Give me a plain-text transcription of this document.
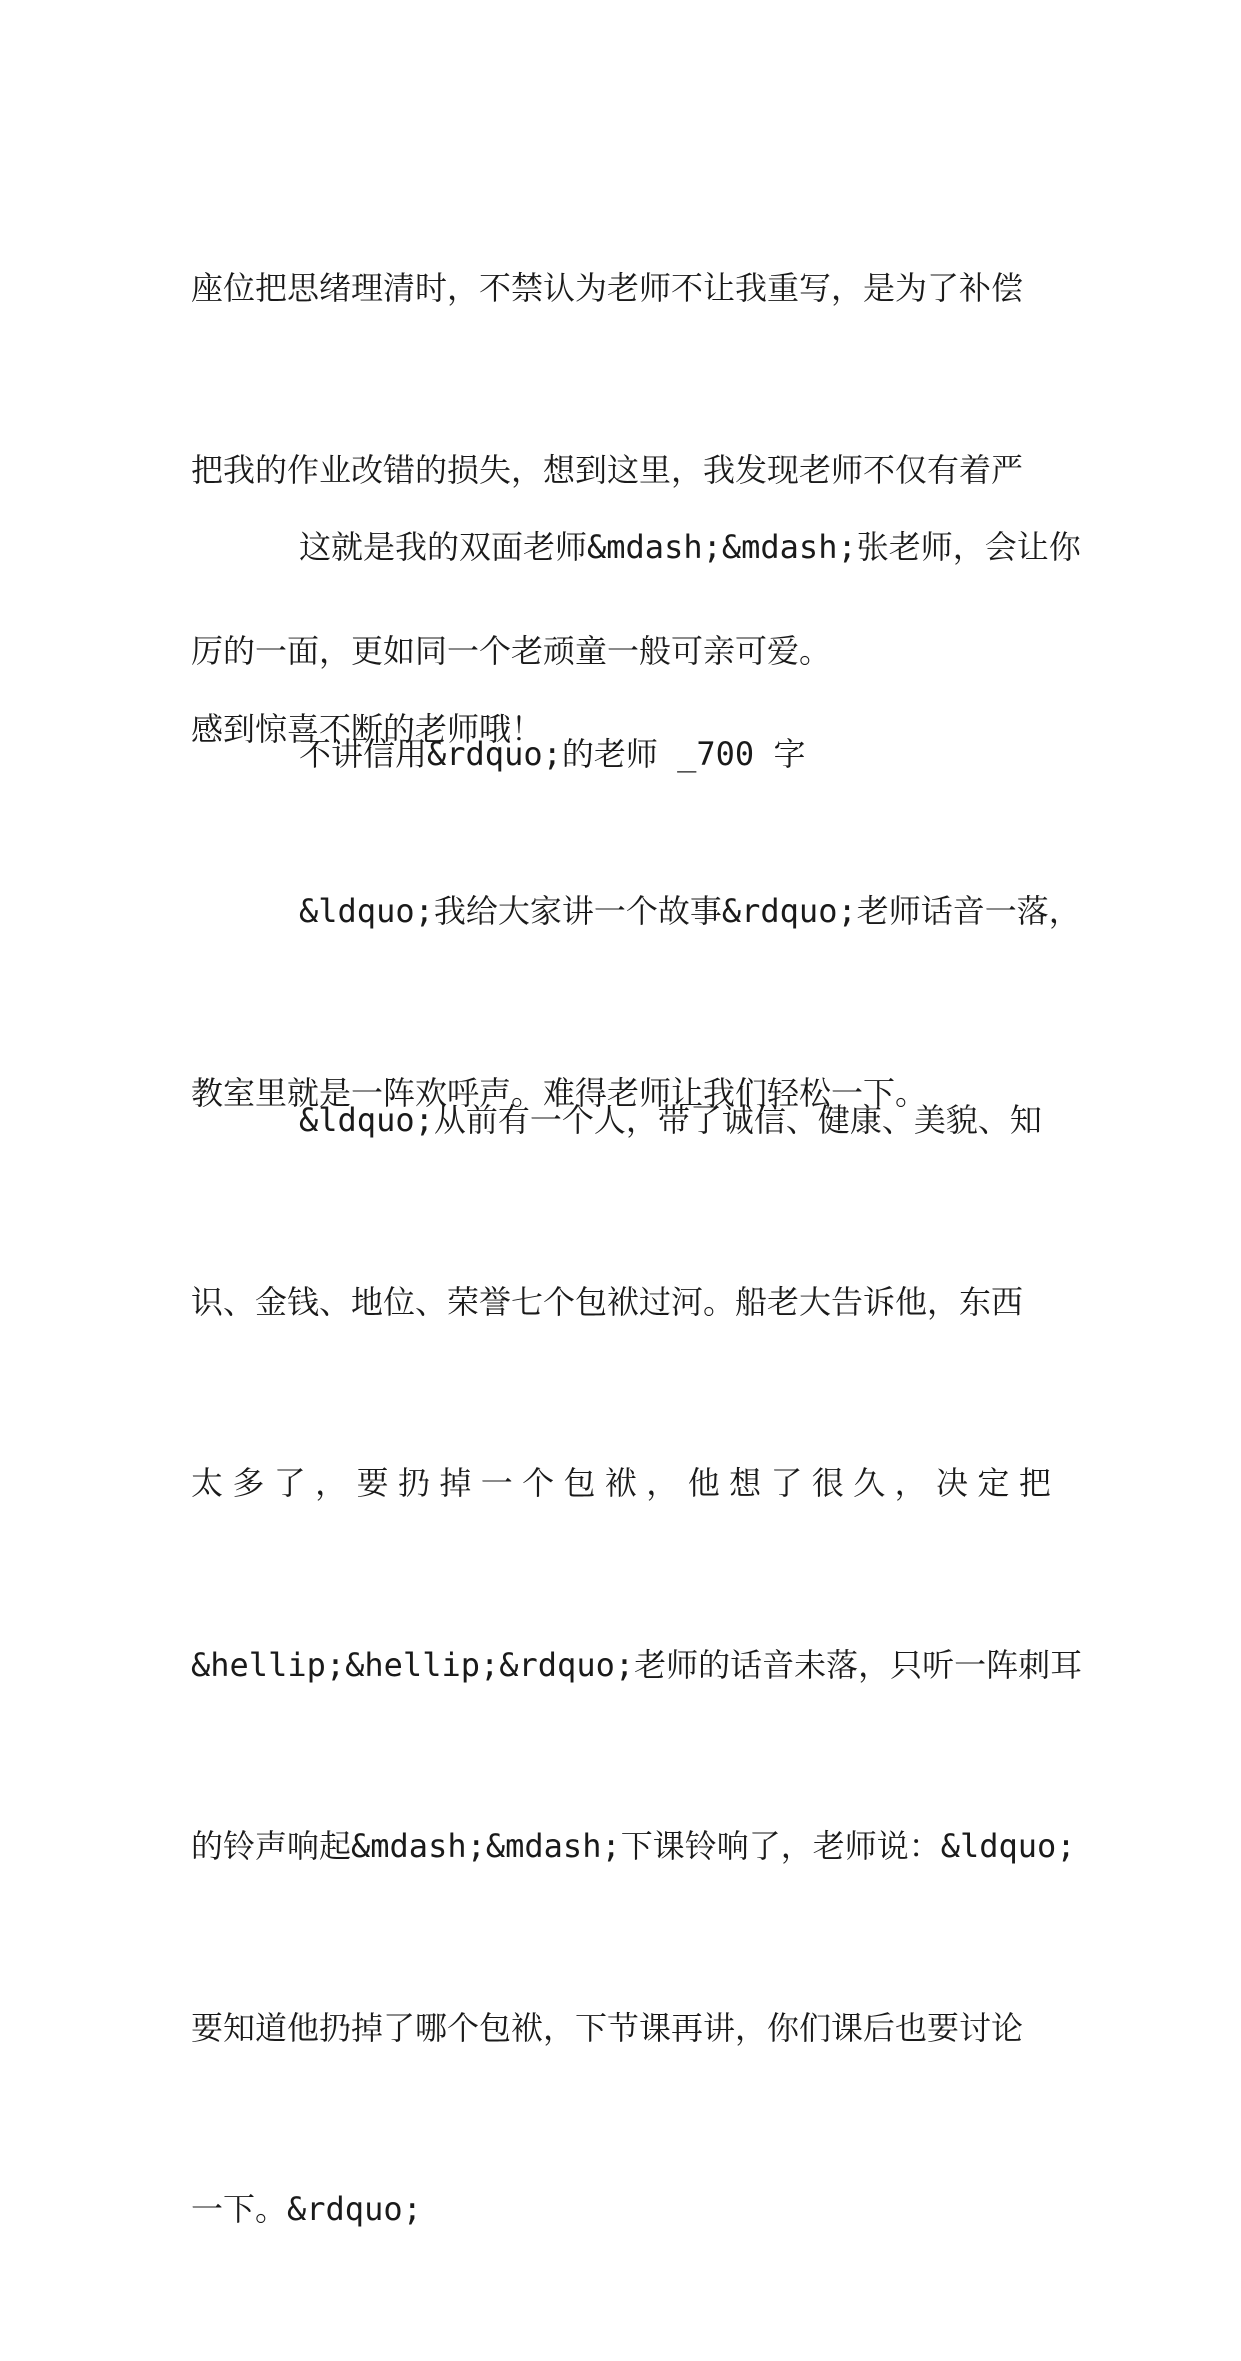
座位把思绪理清时，不禁认为老师不让我重写，是为了补偿

把我的作业改错的损失，想到这里，我发现老师不仅有着严

厉的一面，更如同一个老顽童一般可亲可爱。

这就是我的双面老师&mdash;&mdash;张老师，会让你

感到惊喜不断的老师哦！

不讲信用&rdquo;的老师 _700 字

&ldquo;我给大家讲一个故事&rdquo;老师话音一落，

教室里就是一阵欢呼声。难得老师让我们轻松一下。

&ldquo;从前有一个人，带了诚信、健康、美貌、知

识、金钱、地位、荣誉七个包袱过河。船老大告诉他，东西

太 多 了 ， 要 扔 掉 一 个 包 袱 ， 他 想 了 很 久 ， 决 定 把

&hellip;&hellip;&rdquo;老师的话音未落，只听一阵刺耳

的铃声响起&mdash;&mdash;下课铃响了，老师说：&ldquo;

要知道他扔掉了哪个包袱，下节课再讲，你们课后也要讨论

一下。&rdquo;
